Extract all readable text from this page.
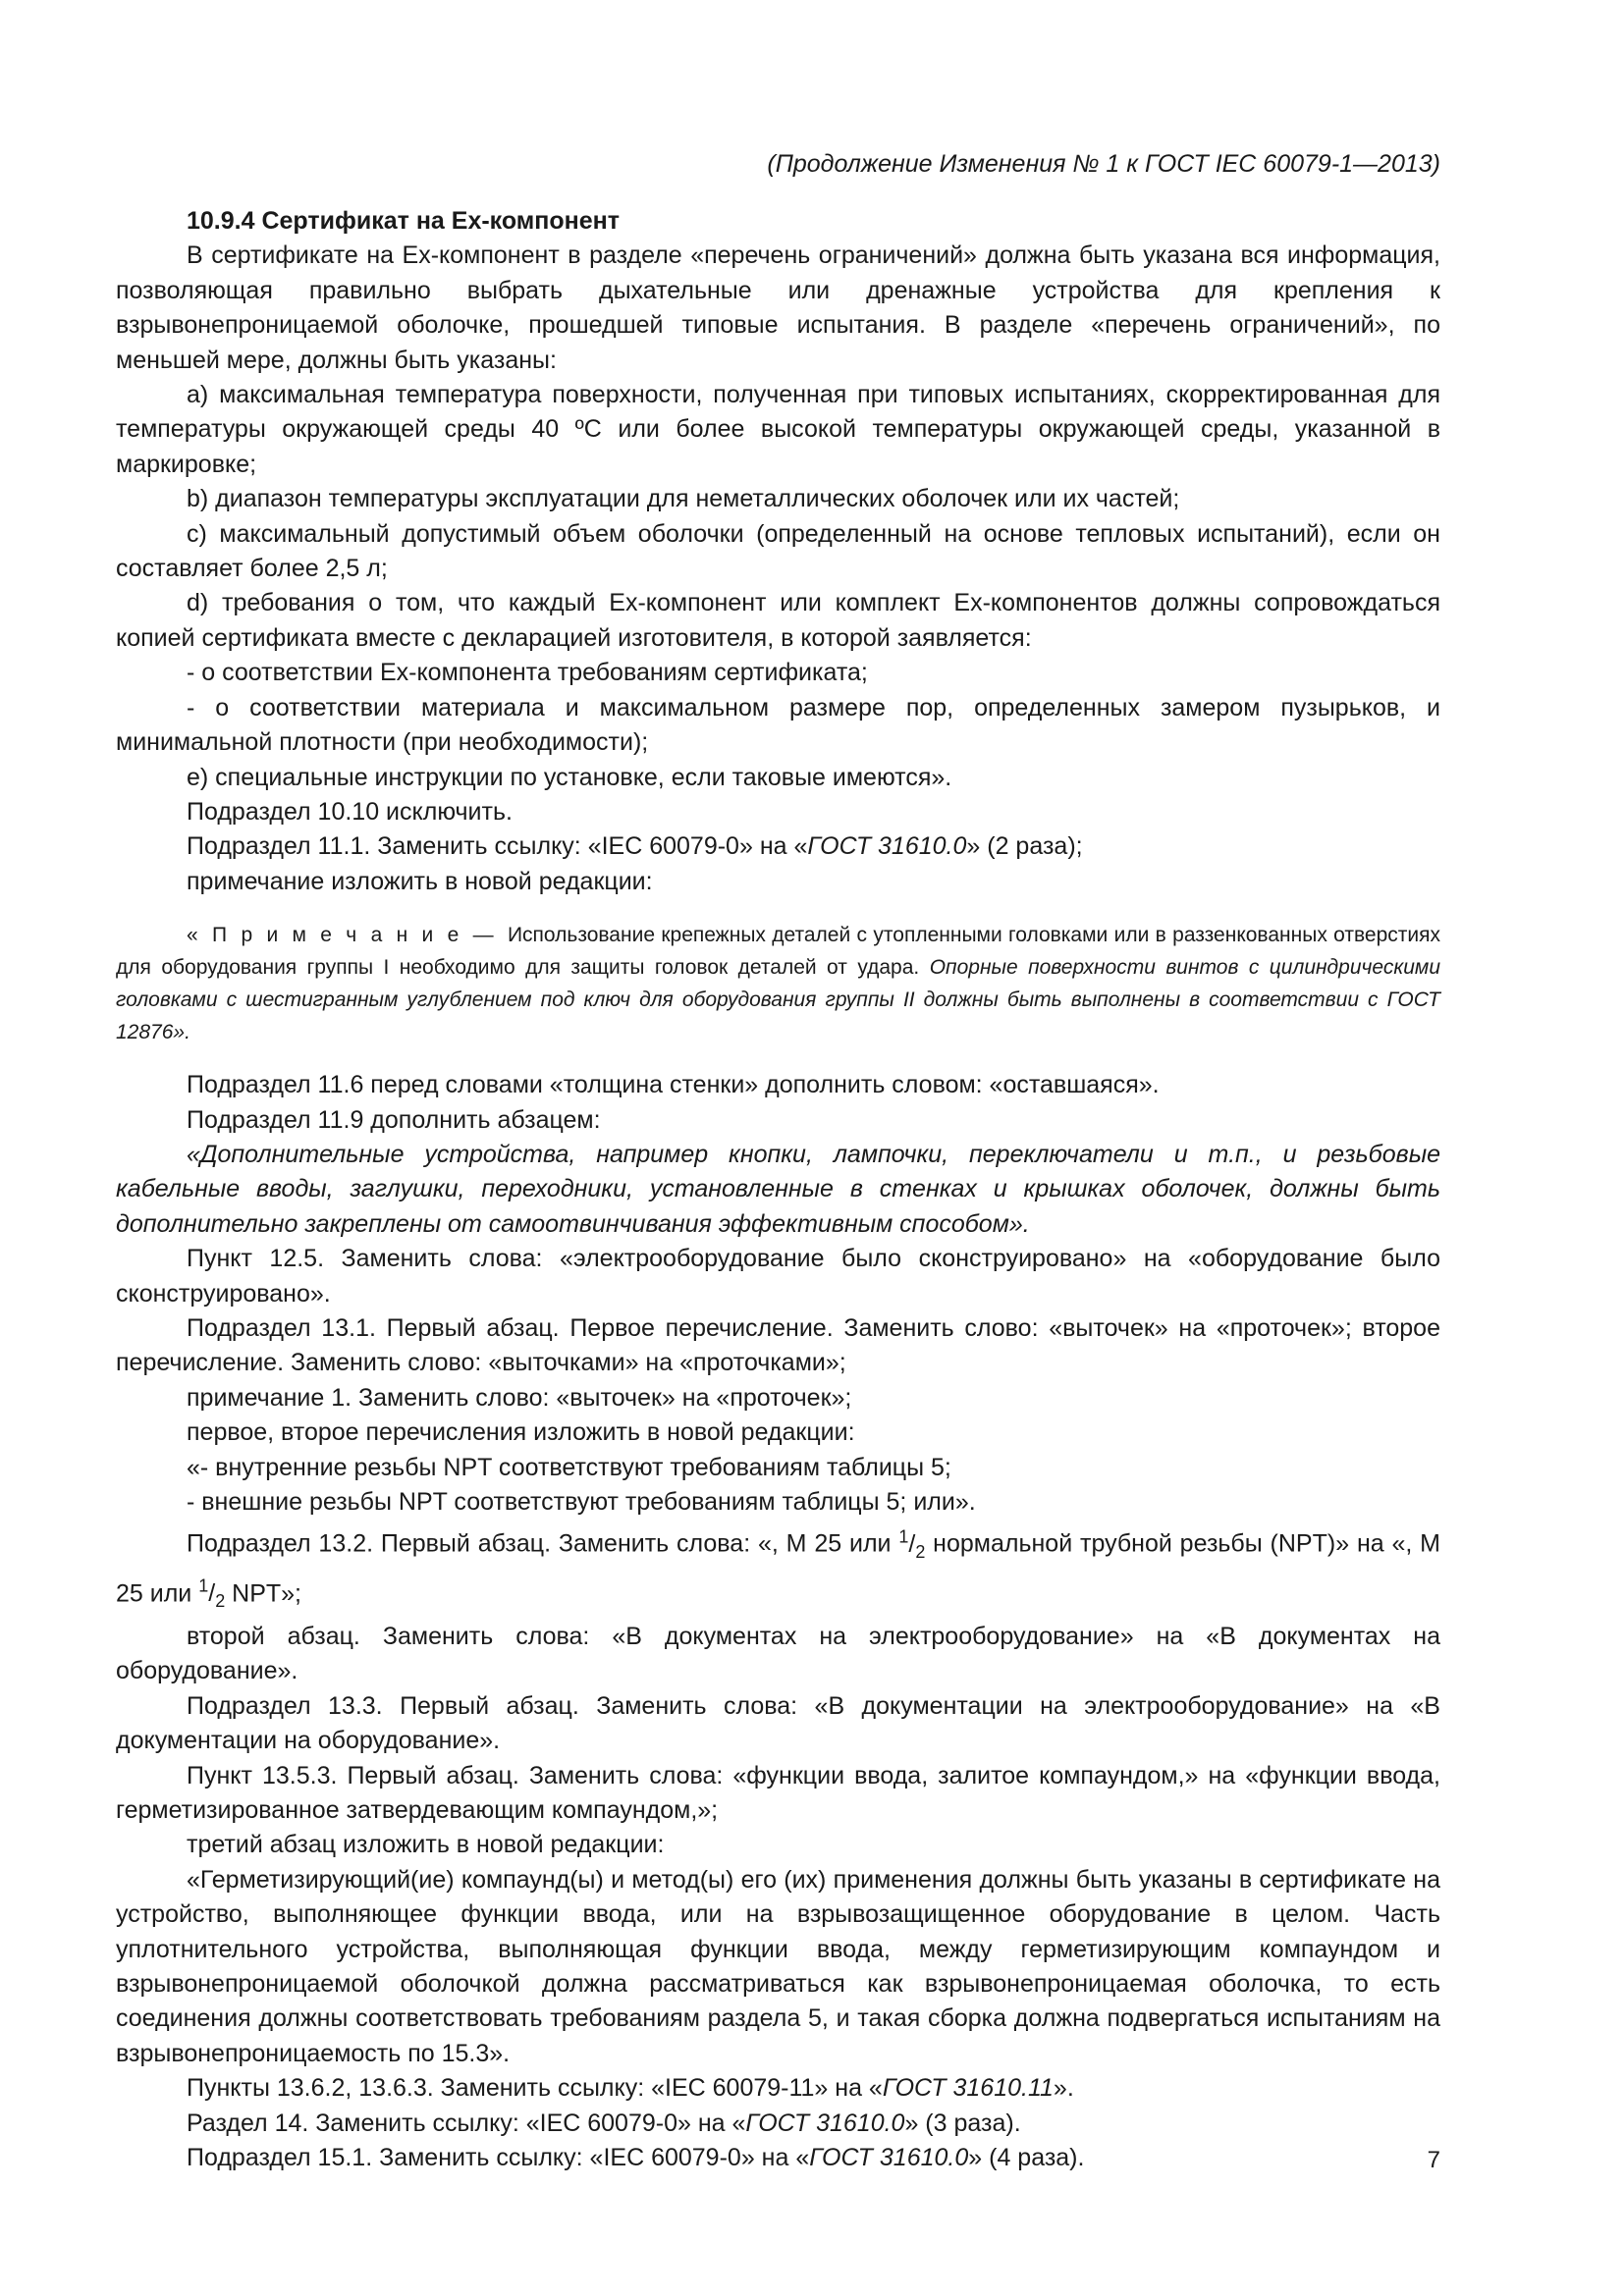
(Продолжение Изменения № 1 к ГОСТ IEC 60079-1—2013)

10.9.4 Сертификат на Ех-компонент

В сертификате на Ех-компонент в разделе «перечень ограничений» должна быть указана вся информация, позволяющая правильно выбрать дыхательные или дренажные устройства для крепления к взрывонепроницаемой оболочке, прошедшей типовые испытания. В разделе «перечень ограничений», по меньшей мере, должны быть указаны:

а) максимальная температура поверхности, полученная при типовых испытаниях, скорректированная для температуры окружающей среды 40 ºС или более высокой температуры окружающей среды, указанной в маркировке;

b) диапазон температуры эксплуатации для неметаллических оболочек или их частей;

с) максимальный допустимый объем оболочки (определенный на основе тепловых испытаний), если он составляет более 2,5 л;

d) требования о том, что каждый Ех-компонент или комплект Ех-компонентов должны сопровождаться копией сертификата вместе с декларацией изготовителя, в которой заявляется:

- о соответствии Ех-компонента требованиям сертификата;

- о соответствии материала и максимальном размере пор, определенных замером пузырьков, и минимальной плотности (при необходимости);

е) специальные инструкции по установке, если таковые имеются».

Подраздел 10.10 исключить.

Подраздел 11.1. Заменить ссылку: «IEC 60079-0» на «ГОСТ 31610.0» (2 раза);

примечание изложить в новой редакции:

« П р и м е ч а н и е — Использование крепежных деталей с утопленными головками или в раззенкованных отверстиях для оборудования группы I необходимо для защиты головок деталей от удара. Опорные поверхности винтов с цилиндрическими головками с шестигранным углублением под ключ для оборудования группы II должны быть выполнены в соответствии с ГОСТ 12876».

Подраздел 11.6 перед словами «толщина стенки» дополнить словом: «оставшаяся».

Подраздел 11.9 дополнить абзацем:

«Дополнительные устройства, например кнопки, лампочки, переключатели и т.п., и резьбовые кабельные вводы, заглушки, переходники, установленные в стенках и крышках оболочек, должны быть дополнительно закреплены от самоотвинчивания эффективным способом».

Пункт 12.5. Заменить слова: «электрооборудование было сконструировано» на «оборудование было сконструировано».

Подраздел 13.1. Первый абзац. Первое перечисление. Заменить слово: «выточек» на «проточек»; второе перечисление. Заменить слово: «выточками» на «проточками»;

примечание 1. Заменить слово: «выточек» на «проточек»;

первое, второе перечисления изложить в новой редакции:

«- внутренние резьбы NPT соответствуют требованиям таблицы 5;

- внешние резьбы NPT соответствуют требованиям таблицы 5; или».

Подраздел 13.2. Первый абзац. Заменить слова: «, М 25 или $^1/_2$ нормальной трубной резьбы (NPT)» на «, М 25 или $^1/_2$ NPT»;

второй абзац. Заменить слова: «В документах на электрооборудование» на «В документах на оборудование».

Подраздел 13.3. Первый абзац. Заменить слова: «В документации на электрооборудование» на «В документации на оборудование».

Пункт 13.5.3. Первый абзац. Заменить слова: «функции ввода, залитое компаундом,» на «функции ввода, герметизированное затвердевающим компаундом,»;

третий абзац изложить в новой редакции:

«Герметизирующий(ие) компаунд(ы) и метод(ы) его (их) применения должны быть указаны в сертификате на устройство, выполняющее функции ввода, или на взрывозащищенное оборудование в целом. Часть уплотнительного устройства, выполняющая функции ввода, между герметизирующим компаундом и взрывонепроницаемой оболочкой должна рассматриваться как взрывонепроницаемая оболочка, то есть соединения должны соответствовать требованиям раздела 5, и такая сборка должна подвергаться испытаниям на взрывонепроницаемость по 15.3».

Пункты 13.6.2, 13.6.3. Заменить ссылку: «IEC 60079-11» на «ГОСТ 31610.11».

Раздел 14. Заменить ссылку: «IEC 60079-0» на «ГОСТ 31610.0» (3 раза).

Подраздел 15.1. Заменить ссылку: «IEC 60079-0» на «ГОСТ 31610.0» (4 раза).	7
